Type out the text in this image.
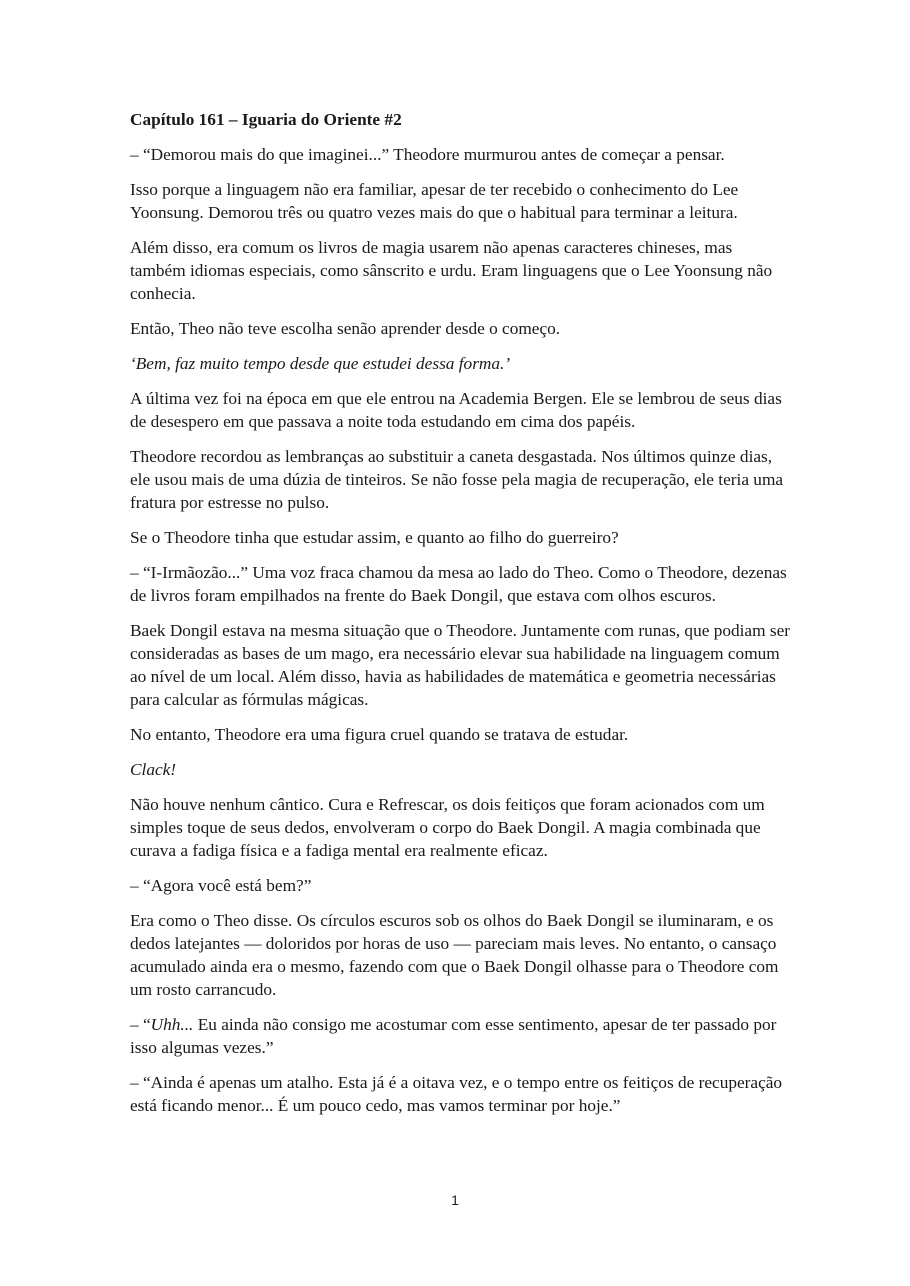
Capítulo 161 – Iguaria do Oriente #2

– “Demorou mais do que imaginei...” Theodore murmurou antes de começar a pensar.

Isso porque a linguagem não era familiar, apesar de ter recebido o conhecimento do Lee Yoonsung. Demorou três ou quatro vezes mais do que o habitual para terminar a leitura.

Além disso, era comum os livros de magia usarem não apenas caracteres chineses, mas também idiomas especiais, como sânscrito e urdu. Eram linguagens que o Lee Yoonsung não conhecia.

Então, Theo não teve escolha senão aprender desde o começo.

‘Bem, faz muito tempo desde que estudei dessa forma.’

A última vez foi na época em que ele entrou na Academia Bergen. Ele se lembrou de seus dias de desespero em que passava a noite toda estudando em cima dos papéis.

Theodore recordou as lembranças ao substituir a caneta desgastada. Nos últimos quinze dias, ele usou mais de uma dúzia de tinteiros. Se não fosse pela magia de recuperação, ele teria uma fratura por estresse no pulso.

Se o Theodore tinha que estudar assim, e quanto ao filho do guerreiro?

– “I-Irmãozão...” Uma voz fraca chamou da mesa ao lado do Theo. Como o Theodore, dezenas de livros foram empilhados na frente do Baek Dongil, que estava com olhos escuros.

Baek Dongil estava na mesma situação que o Theodore. Juntamente com runas, que podiam ser consideradas as bases de um mago, era necessário elevar sua habilidade na linguagem comum ao nível de um local. Além disso, havia as habilidades de matemática e geometria necessárias para calcular as fórmulas mágicas.

No entanto, Theodore era uma figura cruel quando se tratava de estudar.

Clack!

Não houve nenhum cântico. Cura e Refrescar, os dois feitiços que foram acionados com um simples toque de seus dedos, envolveram o corpo do Baek Dongil. A magia combinada que curava a fadiga física e a fadiga mental era realmente eficaz.

– “Agora você está bem?”

Era como o Theo disse. Os círculos escuros sob os olhos do Baek Dongil se iluminaram, e os dedos latejantes — doloridos por horas de uso — pareciam mais leves. No entanto, o cansaço acumulado ainda era o mesmo, fazendo com que o Baek Dongil olhasse para o Theodore com um rosto carrancudo.

– “Uhh... Eu ainda não consigo me acostumar com esse sentimento, apesar de ter passado por isso algumas vezes.”

– “Ainda é apenas um atalho. Esta já é a oitava vez, e o tempo entre os feitiços de recuperação está ficando menor... É um pouco cedo, mas vamos terminar por hoje.”

1
